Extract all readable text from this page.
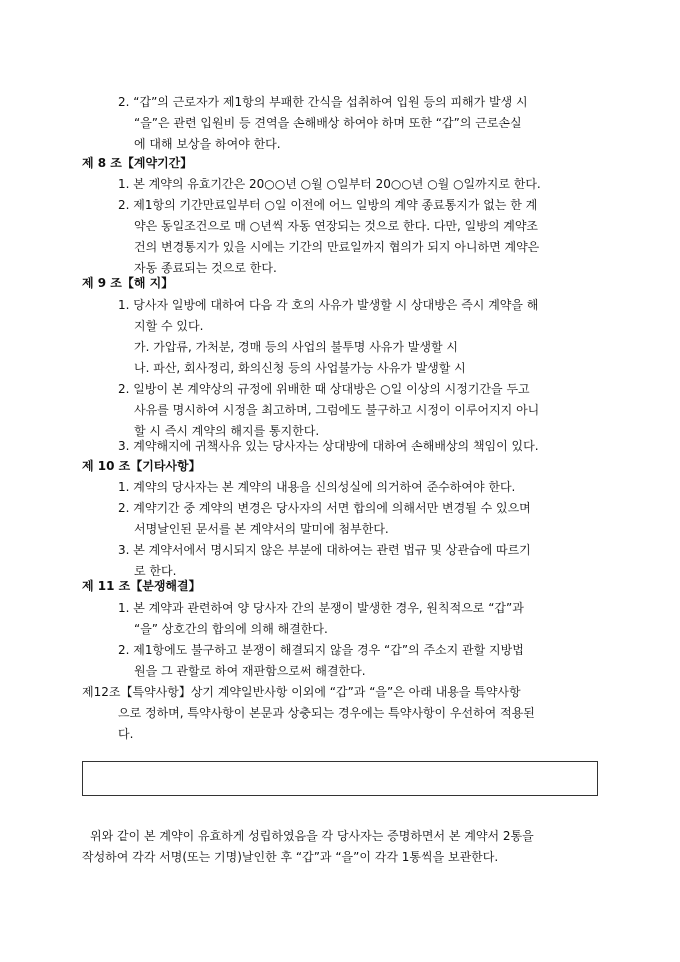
2. “갑”의 근로자가 제1항의 부패한 간식을 섭취하여 입원 등의 피해가 발생 시
“을”은 관련 입원비 등 견역을 손해배상 하여야 하며 또한 “갑”의 근로손실
에 대해 보상을 하여야 한다.
제 8 조【계약기간】
1. 본 계약의 유효기간은 20○○년 ○월 ○일부터 20○○년 ○월 ○일까지로 한다.
2. 제1항의 기간만료일부터 ○일 이전에 어느 일방의 계약 종료통지가 없는 한 계
약은 동일조건으로 매 ○년씩 자동 연장되는 것으로 한다. 다만, 일방의 계약조
건의 변경통지가 있을 시에는 기간의 만료일까지 협의가 되지 아니하면 계약은
자동 종료되는 것으로 한다.
제 9 조【해 지】
1. 당사자 일방에 대하여 다음 각 호의 사유가 발생할 시 상대방은 즉시 계약을 해
지할 수 있다.
가. 가압류, 가처분, 경매 등의 사업의 불투명 사유가 발생할 시
나. 파산, 회사정리, 화의신청 등의 사업불가능 사유가 발생할 시
2. 일방이 본 계약상의 규정에 위배한 때 상대방은 ○일 이상의 시정기간을 두고
사유를 명시하여 시정을 최고하며, 그럼에도 불구하고 시정이 이루어지지 아니
할 시 즉시 계약의 해지를 통지한다.
3. 계약해지에 귀책사유 있는 당사자는 상대방에 대하여 손해배상의 책임이 있다.
제 10 조【기타사항】
1. 계약의 당사자는 본 계약의 내용을 신의성실에 의거하여 준수하여야 한다.
2. 계약기간 중 계약의 변경은 당사자의 서면 합의에 의해서만 변경될 수 있으며
서명날인된 문서를 본 계약서의 말미에 첨부한다.
3. 본 계약서에서 명시되지 않은 부분에 대하여는 관련 법규 및 상관습에 따르기
로 한다.
제 11 조【분쟁해결】
1. 본 계약과 관련하여 양 당사자 간의 분쟁이 발생한 경우, 원칙적으로 “갑”과
“을” 상호간의 합의에 의해 해결한다.
2. 제1항에도 불구하고 분쟁이 해결되지 않을 경우 “갑”의 주소지 관할 지방법
원을 그 관할로 하여 재판함으로써 해결한다.
제12조【특약사항】상기 계약일반사항 이외에 “갑”과 “을”은 아래 내용을 특약사항
으로 정하며, 특약사항이 본문과 상충되는 경우에는 특약사항이 우선하여 적용된
다.
위와 같이 본 계약이 유효하게 성립하였음을 각 당사자는 증명하면서 본 계약서 2통을
작성하여 각각 서명(또는 기명)날인한 후 “갑”과 “을”이 각각 1통씩을 보관한다.
